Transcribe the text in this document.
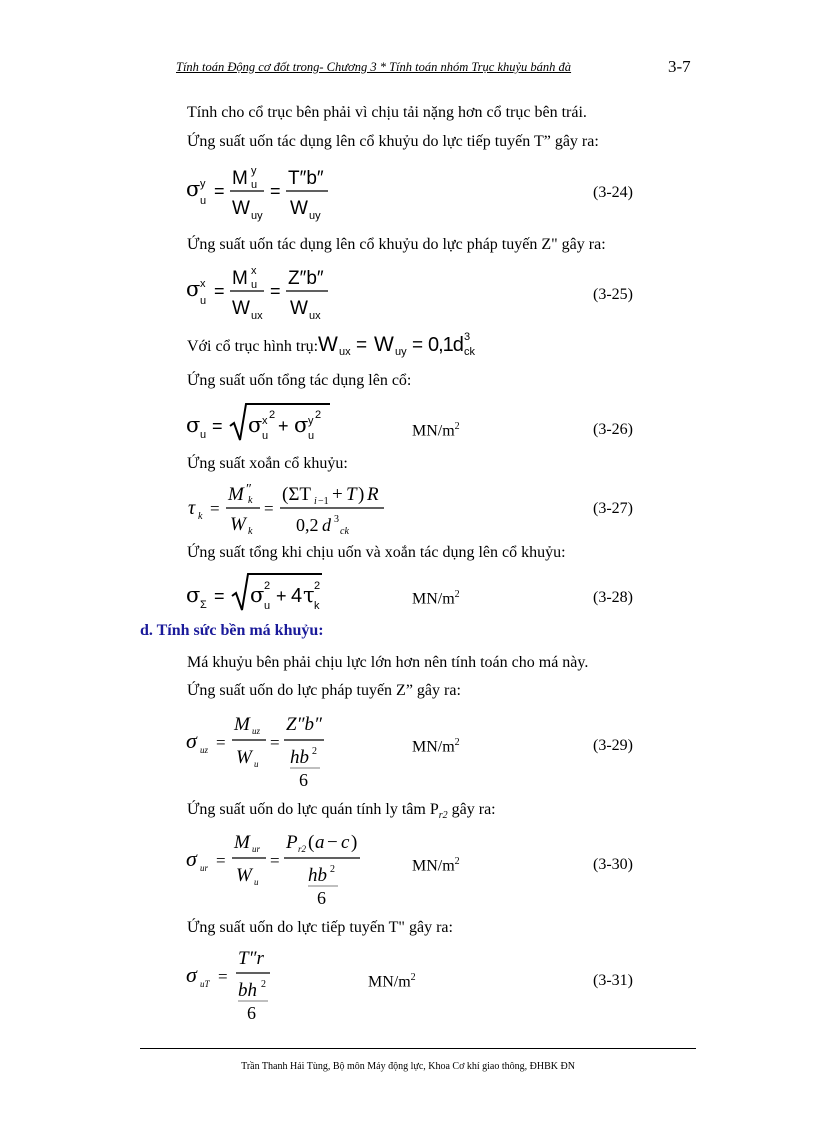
Tính toán Động cơ đốt trong- Chương 3 * Tính toán nhóm Trục khuỷu bánh đà	3-7
Tính cho cổ trục bên phải vì chịu tải nặng hơn cổ trục bên trái.
Ứng suất uốn tác dụng lên cổ khuỷu do lực tiếp tuyến T” gây ra:
σ y
u =
M y
u
W uy
=
T″b″
W uy
(3-24)
Ứng suất uốn tác dụng lên cổ khuỷu do lực pháp tuyến Z" gây ra:
σ x
u =
M x
u
W ux
=
Z″b″
W ux
(3-25)
Với cổ trục hình trụ: W ux = W uy = 0,1d 3
ck
Ứng suất uốn tổng tác dụng lên cổ:
σ u = σ x 2
u + σ y 2
u	$MN/m^2$	(3-26)
Ứng suất xoắn cổ khuỷu:
τ k =
M ″
k
W k
=
(ΣT i −1 + T ) R
0,2 d 3
ck
(3-27)
Ứng suất tổng khi chịu uốn và xoắn tác dụng lên cổ khuỷu:
σ Σ = σ 2
u + 4 τ 2
k	$MN/m^2$	(3-28)
d. Tính sức bền má khuỷu:
Má khuỷu bên phải chịu lực lớn hơn nên tính toán cho má này.
Ứng suất uốn do lực pháp tuyến Z” gây ra:
σ uz =
M uz
W u
=
Z″b″
hb 2
6
$MN/m^2$	(3-29)
Ứng suất uốn do lực quán tính ly tâm $P_{r2}$ gây ra:
σ ur =
M ur
W u
=
P r2 ( a − c )
hb 2
6
$MN/m^2$	(3-30)
Ứng suất uốn do lực tiếp tuyến T" gây ra:
σ uT =
T″r
bh 2
6
$MN/m^2$	(3-31)
Trần Thanh Hải Tùng, Bộ môn Máy động lực, Khoa Cơ khí giao thông, ĐHBK ĐN
